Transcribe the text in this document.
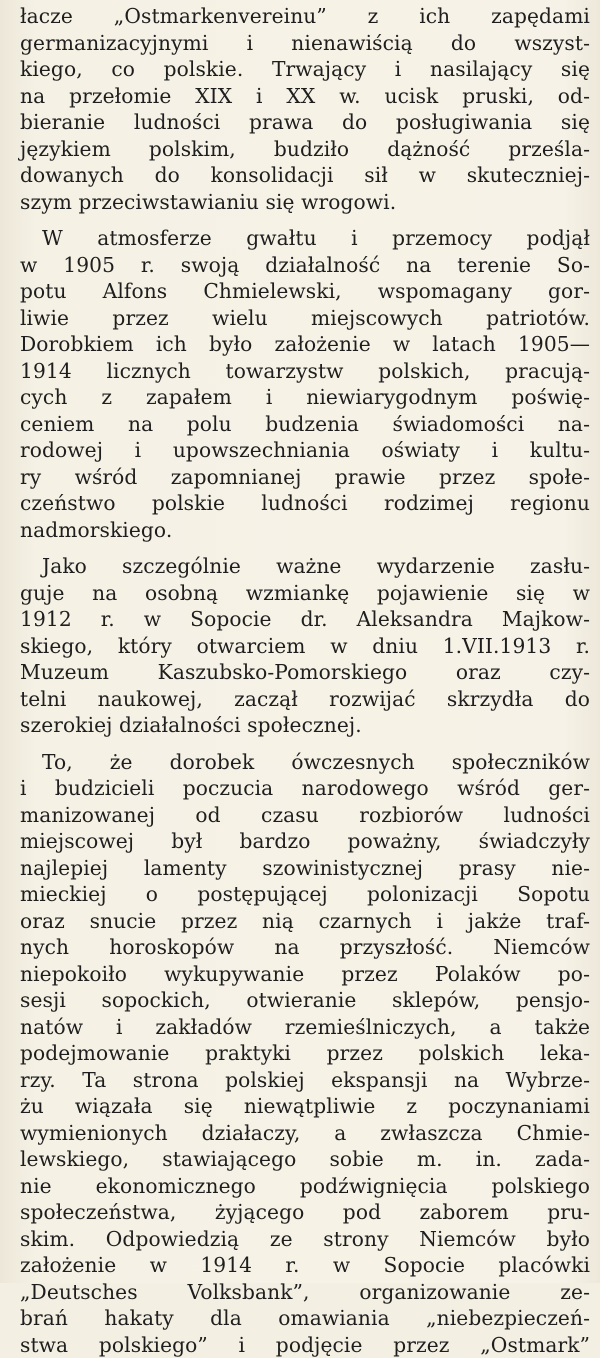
łacze „Ostmarkenvereinu” z ich zapędami
germanizacyjnymi i nienawiścią do wszyst-
kiego, co polskie. Trwający i nasilający się
na przełomie XIX i XX w. ucisk pruski, od-
bieranie ludności prawa do posługiwania się
językiem polskim, budziło dążność prześla-
dowanych do konsolidacji sił w skuteczniej-
szym przeciwstawianiu się wrogowi.
W atmosferze gwałtu i przemocy podjął
w 1905 r. swoją działalność na terenie So-
potu Alfons Chmielewski, wspomagany gor-
liwie przez wielu miejscowych patriotów.
Dorobkiem ich było założenie w latach 1905—
1914 licznych towarzystw polskich, pracują-
cych z zapałem i niewiarygodnym poświę-
ceniem na polu budzenia świadomości na-
rodowej i upowszechniania oświaty i kultu-
ry wśród zapomnianej prawie przez społe-
czeństwo polskie ludności rodzimej regionu
nadmorskiego.
Jako szczególnie ważne wydarzenie zasłu-
guje na osobną wzmiankę pojawienie się w
1912 r. w Sopocie dr. Aleksandra Majkow-
skiego, który otwarciem w dniu 1.VII.1913 r.
Muzeum Kaszubsko-Pomorskiego oraz czy-
telni naukowej, zaczął rozwijać skrzydła do
szerokiej działalności społecznej.
To, że dorobek ówczesnych społeczników
i budzicieli poczucia narodowego wśród ger-
manizowanej od czasu rozbiorów ludności
miejscowej był bardzo poważny, świadczyły
najlepiej lamenty szowinistycznej prasy nie-
mieckiej o postępującej polonizacji Sopotu
oraz snucie przez nią czarnych i jakże traf-
nych horoskopów na przyszłość. Niemców
niepokoiło wykupywanie przez Polaków po-
sesji sopockich, otwieranie sklepów, pensjo-
natów i zakładów rzemieślniczych, a także
podejmowanie praktyki przez polskich leka-
rzy. Ta strona polskiej ekspansji na Wybrze-
żu wiązała się niewątpliwie z poczynaniami
wymienionych działaczy, a zwłaszcza Chmie-
lewskiego, stawiającego sobie m. in. zada-
nie ekonomicznego podźwignięcia polskiego
społeczeństwa, żyjącego pod zaborem pru-
skim. Odpowiedzią ze strony Niemców było
założenie w 1914 r. w Sopocie placówki
„Deutsches Volksbank”, organizowanie ze-
brań hakaty dla omawiania „niebezpieczeń-
stwa polskiego” i podjęcie przez „Ostmark”
